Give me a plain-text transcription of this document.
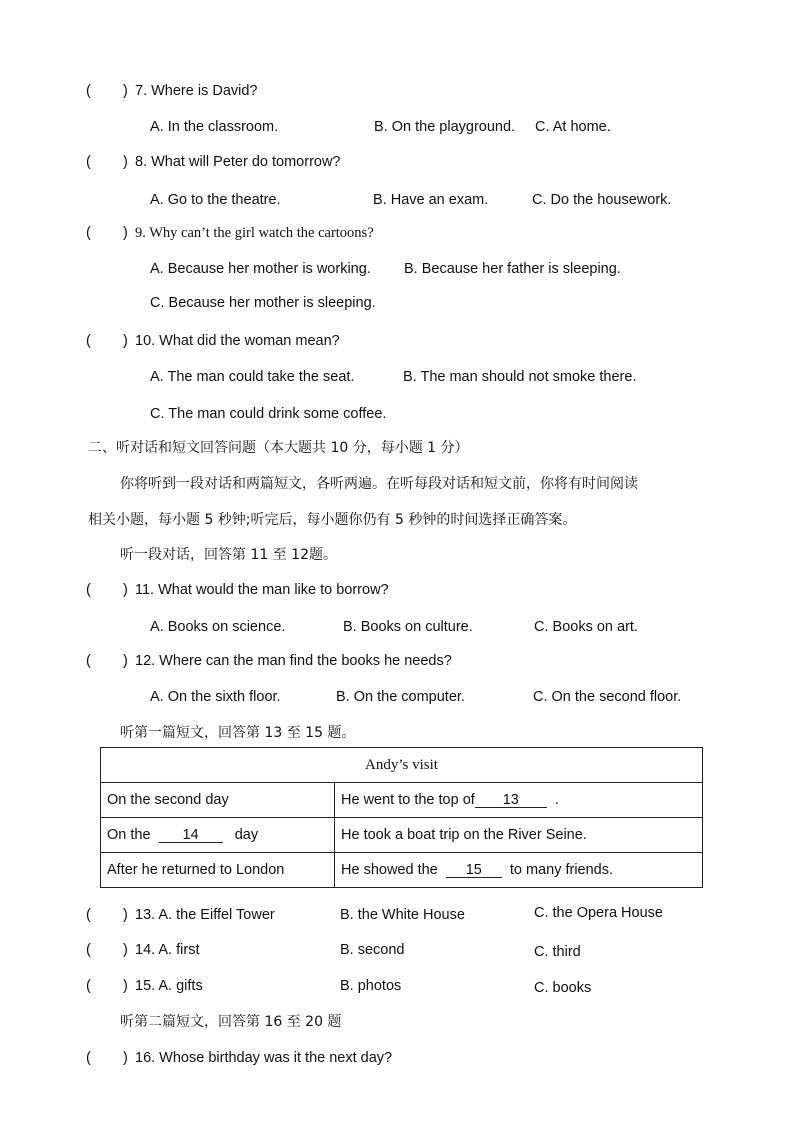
( ) 7. Where is David?
A. In the classroom.	B. On the playground. C. At home.
( ) 8. What will Peter do tomorrow?
A. Go to the theatre.	B. Have an exam.	C. Do the housework.
( ) 9. Why can’t the girl watch the cartoons?
A. Because her mother is working. B. Because her father is sleeping.
C. Because her mother is sleeping.
( ) 10. What did the woman mean?
A. The man could take the seat.	B. The man should not smoke there.
C. The man could drink some coffee.
二、听对话和短文回答问题（本大题共 10 分，每小题 1 分）
你将听到一段对话和两篇短文，各听两遍。在听每段对话和短文前，你将有时间阅读
相关小题，每小题 5 秒钟;听完后，每小题你仍有 5 秒钟的时间选择正确答案。
听一段对话，回答第 11 至 12题。
( ) 11. What would the man like to borrow?
A. Books on science.	B. Books on culture.	C. Books on art.
( ) 12. Where can the man find the books he needs?
A. On the sixth floor.	B. On the computer.	C. On the second floor.
听第一篇短文，回答第 13 至 15 题。
Andy’s visit	
On the second day	He went to the top of 13 .
On the 14 day	He took a boat trip on the River Seine.
After he returned to London	He showed the 15 to many friends.
( ) 13. A. the Eiffel Tower	B. the White House	C. the Opera House
( ) 14. A. first	B. second	C. third
( ) 15. A. gifts	B. photos	C. books
听第二篇短文，回答第 16 至 20 题
( ) 16. Whose birthday was it the next day?
